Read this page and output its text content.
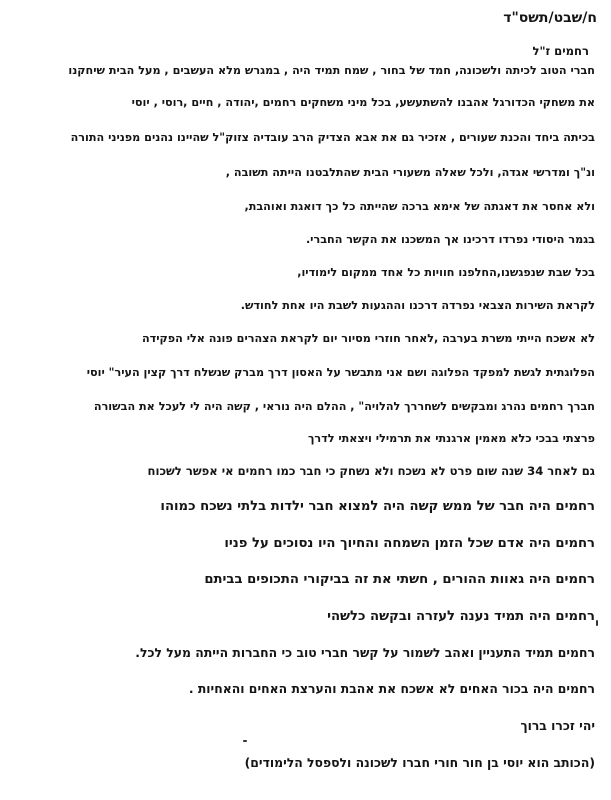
ח/שבט/תשס"ד
רחמים ז"ל
חברי הטוב לכיתה ולשכונה, חמד של בחור , שמח תמיד היה , במגרש מלא העשבים , מעל הבית שיחקנו
את משחקי הכדורגל אהבנו להשתעשע, בכל מיני משחקים רחמים ,יהודה , חיים ,רוסי , יוסי
בכיתה ביחד והכנת שעורים , אזכיר גם את אבא הצדיק הרב עובדיה צזוק"ל שהיינו נהנים מפניני התורה
ונ"ך ומדרשי אגדה, ולכל שאלה משעורי הבית שהתלבטנו הייתה תשובה ,
ולא אחסר את דאגתה של אימא ברכה שהייתה כל כך דואגת ואוהבת,
בגמר היסודי נפרדו דרכינו אך המשכנו את הקשר החברי.
בכל שבת שנפגשנו,החלפנו חוויות כל אחד ממקום לימודיו,
לקראת השירות הצבאי נפרדה דרכנו וההגעות לשבת היו אחת לחודש.
לא אשכח הייתי משרת בערבה ,לאחר חוזרי מסיור יום לקראת הצהרים פונה אלי הפקידה
הפלוגתית לגשת למפקד הפלוגה ושם אני מתבשר על האסון דרך מברק שנשלח דרך קצין העיר" יוסי
חברך רחמים נהרג ומבקשים לשחררך להלויה" , ההלם היה נוראי , קשה היה לי לעכל את הבשורה
פרצתי בבכי כלא מאמין ארגנתי את תרמילי ויצאתי לדרך
גם לאחר 34 שנה שום פרט לא נשכח ולא נשחק כי חבר כמו רחמים אי אפשר לשכוח
רחמים היה חבר של ממש קשה היה למצוא חבר ילדות בלתי נשכח כמוהו
רחמים היה אדם שכל הזמן השמחה והחיוך היו נסוכים על פניו
רחמים היה גאוות ההורים , חשתי את זה בביקורי התכופים בביתם
רחמים היה תמיד נענה לעזרה ובקשה כלשהי
רחמים תמיד התעניין ואהב לשמור על קשר חברי טוב כי החברות הייתה מעל לכל.
רחמים היה בכור האחים לא אשכח את אהבת והערצת האחים והאחיות .
יהי זכרו ברוך
(הכותב הוא יוסי בן חור חורי חברו לשכונה ולספסל הלימודים)
